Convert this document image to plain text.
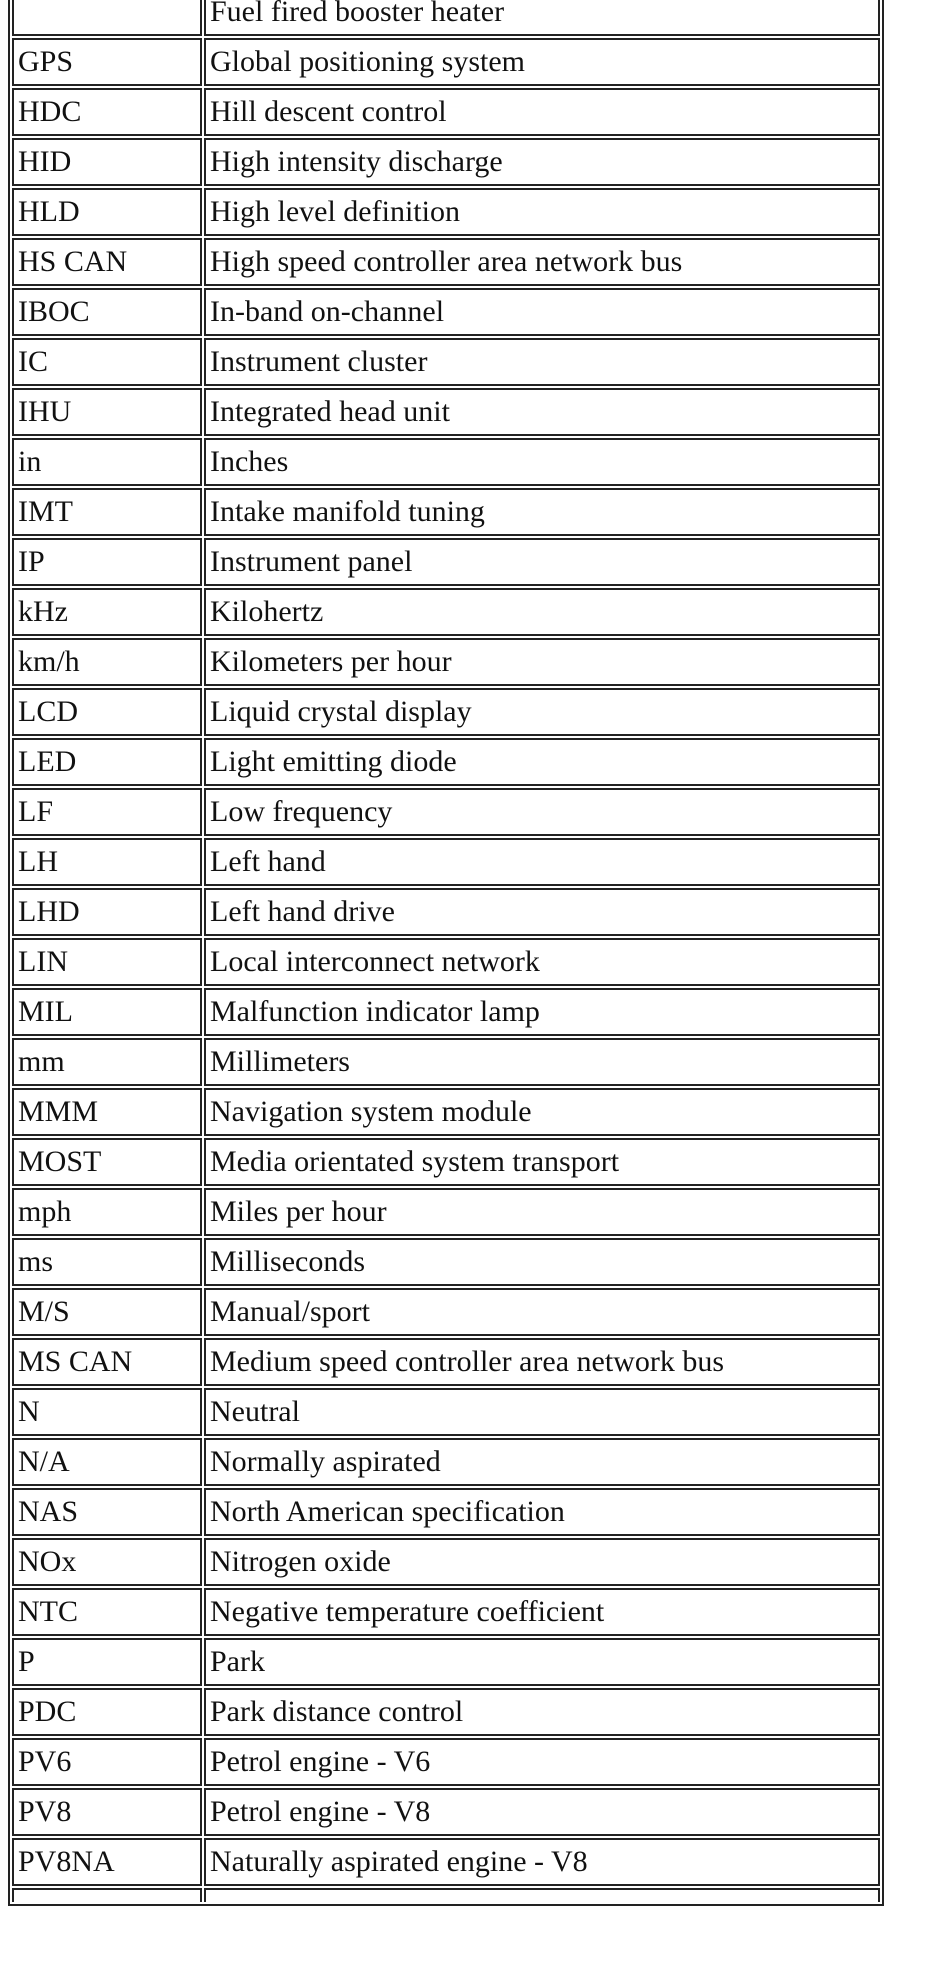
	Fuel fired booster heater
GPS	Global positioning system
HDC	Hill descent control
HID	High intensity discharge
HLD	High level definition
HS CAN	High speed controller area network bus
IBOC	In-band on-channel
IC	Instrument cluster
IHU	Integrated head unit
in	Inches
IMT	Intake manifold tuning
IP	Instrument panel
kHz	Kilohertz
km/h	Kilometers per hour
LCD	Liquid crystal display
LED	Light emitting diode
LF	Low frequency
LH	Left hand
LHD	Left hand drive
LIN	Local interconnect network
MIL	Malfunction indicator lamp
mm	Millimeters
MMM	Navigation system module
MOST	Media orientated system transport
mph	Miles per hour
ms	Milliseconds
M/S	Manual/sport
MS CAN	Medium speed controller area network bus
N	Neutral
N/A	Normally aspirated
NAS	North American specification
NOx	Nitrogen oxide
NTC	Negative temperature coefficient
P	Park
PDC	Park distance control
PV6	Petrol engine - V6
PV8	Petrol engine - V8
PV8NA	Naturally aspirated engine - V8
